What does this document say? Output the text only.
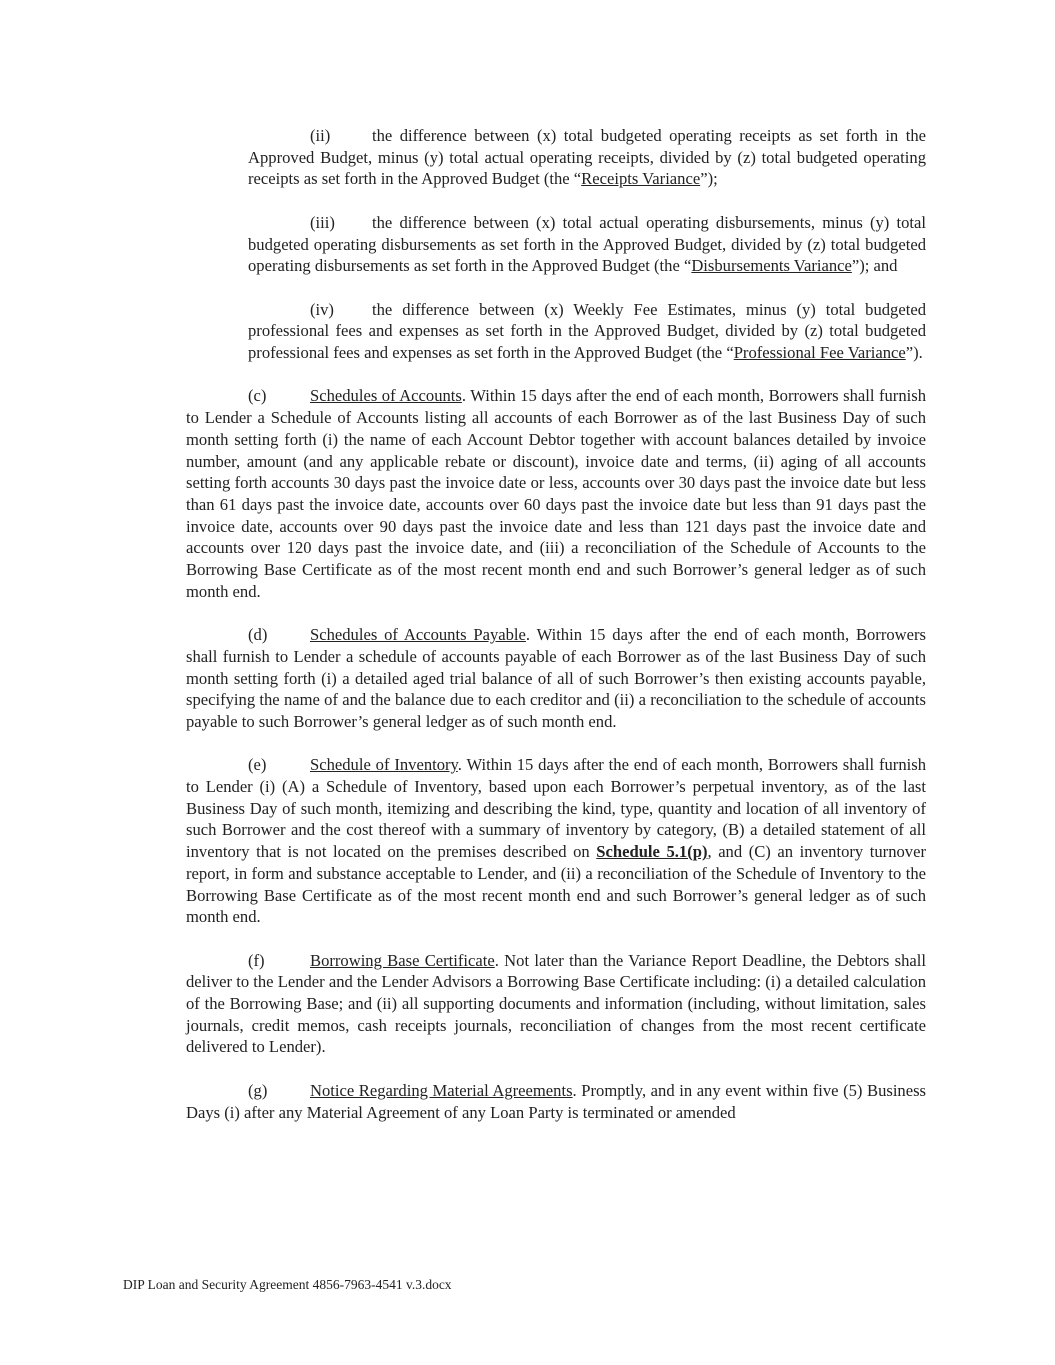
(ii)	the difference between (x) total budgeted operating receipts as set forth in the Approved Budget, minus (y) total actual operating receipts, divided by (z) total budgeted operating receipts as set forth in the Approved Budget (the “Receipts Variance”);

(iii) the difference between (x) total actual operating disbursements, minus (y) total budgeted operating disbursements as set forth in the Approved Budget, divided by (z) total budgeted operating disbursements as set forth in the Approved Budget (the “Disbursements Variance”); and

(iv) the difference between (x) Weekly Fee Estimates, minus (y) total budgeted professional fees and expenses as set forth in the Approved Budget, divided by (z) total budgeted professional fees and expenses as set forth in the Approved Budget (the “Professional Fee Variance”).

(c)	Schedules of Accounts. Within 15 days after the end of each month, Borrowers shall furnish to Lender a Schedule of Accounts listing all accounts of each Borrower as of the last Business Day of such month setting forth (i) the name of each Account Debtor together with account balances detailed by invoice number, amount (and any applicable rebate or discount), invoice date and terms, (ii) aging of all accounts setting forth accounts 30 days past the invoice date or less, accounts over 30 days past the invoice date but less than 61 days past the invoice date, accounts over 60 days past the invoice date but less than 91 days past the invoice date, accounts over 90 days past the invoice date and less than 121 days past the invoice date and accounts over 120 days past the invoice date, and (iii) a reconciliation of the Schedule of Accounts to the Borrowing Base Certificate as of the most recent month end and such Borrower’s general ledger as of such month end.

(d)	Schedules of Accounts Payable. Within 15 days after the end of each month, Borrowers shall furnish to Lender a schedule of accounts payable of each Borrower as of the last Business Day of such month setting forth (i) a detailed aged trial balance of all of such Borrower’s then existing accounts payable, specifying the name of and the balance due to each creditor and (ii) a reconciliation to the schedule of accounts payable to such Borrower’s general ledger as of such month end.

(e)	Schedule of Inventory. Within 15 days after the end of each month, Borrowers shall furnish to Lender (i) (A) a Schedule of Inventory, based upon each Borrower’s perpetual inventory, as of the last Business Day of such month, itemizing and describing the kind, type, quantity and location of all inventory of such Borrower and the cost thereof with a summary of inventory by category, (B) a detailed statement of all inventory that is not located on the premises described on Schedule 5.1(p), and (C) an inventory turnover report, in form and substance acceptable to Lender, and (ii) a reconciliation of the Schedule of Inventory to the Borrowing Base Certificate as of the most recent month end and such Borrower’s general ledger as of such month end.

(f)	Borrowing Base Certificate. Not later than the Variance Report Deadline, the Debtors shall deliver to the Lender and the Lender Advisors a Borrowing Base Certificate including: (i) a detailed calculation of the Borrowing Base; and (ii) all supporting documents and information (including, without limitation, sales journals, credit memos, cash receipts journals, reconciliation of changes from the most recent certificate delivered to Lender).

(g)	Notice Regarding Material Agreements. Promptly, and in any event within five (5) Business Days (i) after any Material Agreement of any Loan Party is terminated or amended

DIP Loan and Security Agreement 4856-7963-4541 v.3.docx
